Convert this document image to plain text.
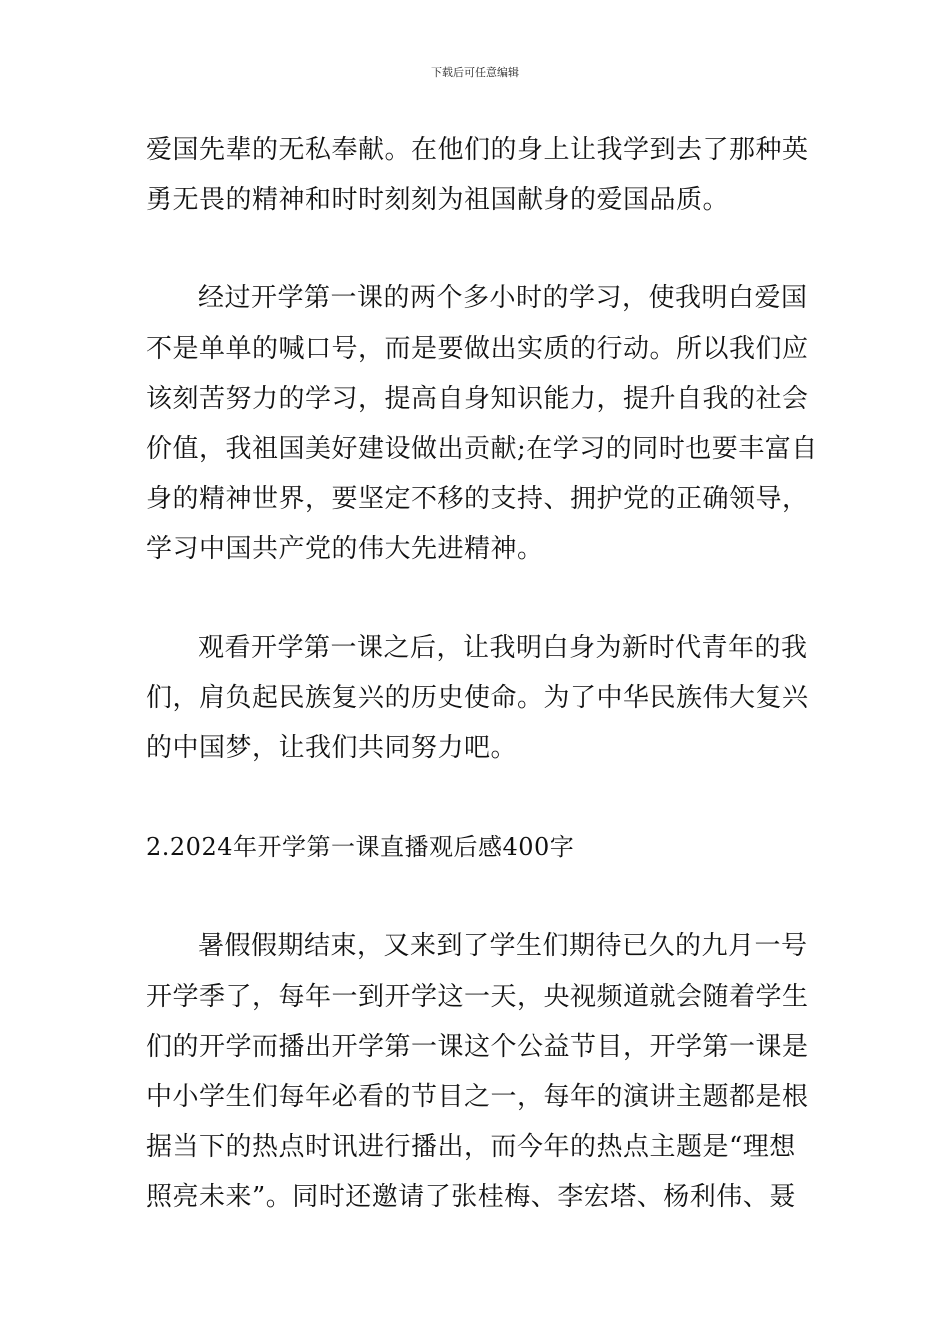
下载后可任意编辑
爱国先辈的无私奉献。在他们的身上让我学到去了那种英
勇无畏的精神和时时刻刻为祖国献身的爱国品质。
经过开学第一课的两个多小时的学习，使我明白爱国
不是单单的喊口号，而是要做出实质的行动。所以我们应
该刻苦努力的学习，提高自身知识能力，提升自我的社会
价值，我祖国美好建设做出贡献;在学习的同时也要丰富自
身的精神世界，要坚定不移的支持、拥护党的正确领导，
学习中国共产党的伟大先进精神。
观看开学第一课之后，让我明白身为新时代青年的我
们，肩负起民族复兴的历史使命。为了中华民族伟大复兴
的中国梦，让我们共同努力吧。
2.2024年开学第一课直播观后感400字
暑假假期结束，又来到了学生们期待已久的九月一号
开学季了，每年一到开学这一天，央视频道就会随着学生
们的开学而播出开学第一课这个公益节目，开学第一课是
中小学生们每年必看的节目之一，每年的演讲主题都是根
据当下的热点时讯进行播出，而今年的热点主题是“理想
照亮未来”。同时还邀请了张桂梅、李宏塔、杨利伟、聂
